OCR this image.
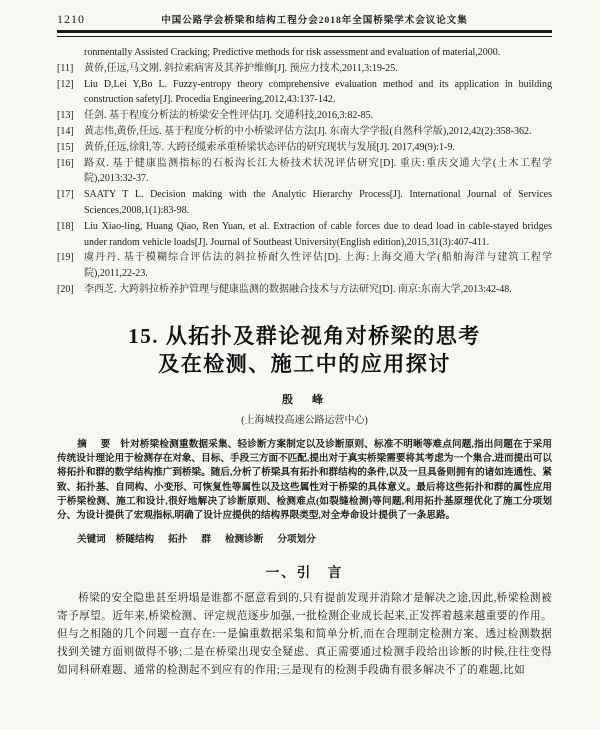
1210	中国公路学会桥梁和结构工程分会2018年全国桥梁学术会议论文集

ronmentally Assisted Cracking; Predictive methods for risk assessment and evaluation of material,2000.

[11]	黄侨,任远,马文刚. 斜拉索病害及其养护维修[J]. 预应力技术,2011,3:19-25.
[12]	Liu D,Lei Y,Bo L. Fuzzy-entropy theory comprehensive evaluation method and its application in building construction safety[J]. Procedia Engineering,2012,43:137-142.
[13]	任剑. 基于程度分析法的桥梁安全性评估[J]. 交通科技,2016,3:82-85.
[14]	黄志伟,黄侨,任远. 基于程度分析的中小桥梁评估方法[J]. 东南大学学报(自然科学版),2012,42(2):358-362.
[15]	黄侨,任远,徐阳,等. 大跨径缆索承重桥梁状态评估的研究现状与发展[J]. 2017,49(9):1-9.
[16]	路双. 基于健康监测指标的石板沟长江大桥技术状况评估研究[D]. 重庆:重庆交通大学(土木工程学院),2013:32-37.
[17]	SAATY T L. Decision making with the Analytic Hierarchy Process[J]. International Journal of Services Sciences,2008,1(1):83-98.
[18]	Liu Xiao-ling, Huang Qiao, Ren Yuan, et al. Extraction of cable forces due to dead load in cable-stayed bridges under random vehicle loads[J]. Journal of Southeast University(English edition),2015,31(3):407-411.
[19]	虞丹丹. 基于模糊综合评估法的斜拉桥耐久性评估[D]. 上海:上海交通大学(船舶海洋与建筑工程学院),2011,22-23.
[20]	李西芝. 大跨斜拉桥养护管理与健康监测的数据融合技术与方法研究[D]. 南京:东南大学,2013:42-48.
15. 从拓扑及群论视角对桥梁的思考
及在检测、施工中的应用探讨
殷　峰
(上海城投高速公路运营中心)

摘　要 针对桥梁检测重数据采集、轻诊断方案制定以及诊断原则、标准不明晰等难点问题,指出问题在于采用传统设计理论用于检测存在对象、目标、手段三方面不匹配,提出对于真实桥梁需要将其考虑为一个集合,进而提出可以将拓扑和群的数学结构推广到桥梁。随后,分析了桥梁具有拓扑和群结构的条件,以及一旦具备则拥有的诸如连通性、紧致、拓扑基、自同构、小变形、可恢复性等属性以及这些属性对于桥梁的具体意义。最后将这些拓扑和群的属性应用于桥梁检测、施工和设计,很好地解决了诊断原则、检测难点(如裂缝检测)等问题,利用拓扑基原理优化了施工分项划分、为设计提供了宏观指标,明确了设计应提供的结构界限类型,对全寿命设计提供了一条思路。

关键词 桥隧结构 拓扑 群 检测诊断 分项划分

一、引　言

桥梁的安全隐患甚至坍塌是谁都不愿意看到的,只有提前发现并消除才是解决之途,因此,桥梁检测被寄予厚望。近年来,桥梁检测、评定规范逐步加强,一批检测企业成长起来,正发挥着越来越重要的作用。但与之相随的几个问题一直存在:一是偏重数据采集和简单分析,而在合理制定检测方案、透过检测数据找到关键方面则做得不够;二是在桥梁出现安全疑虑、真正需要通过检测手段给出诊断的时候,往往变得如同科研难题、通常的检测起不到应有的作用;三是现有的检测手段确有很多解决不了的难题,比如
